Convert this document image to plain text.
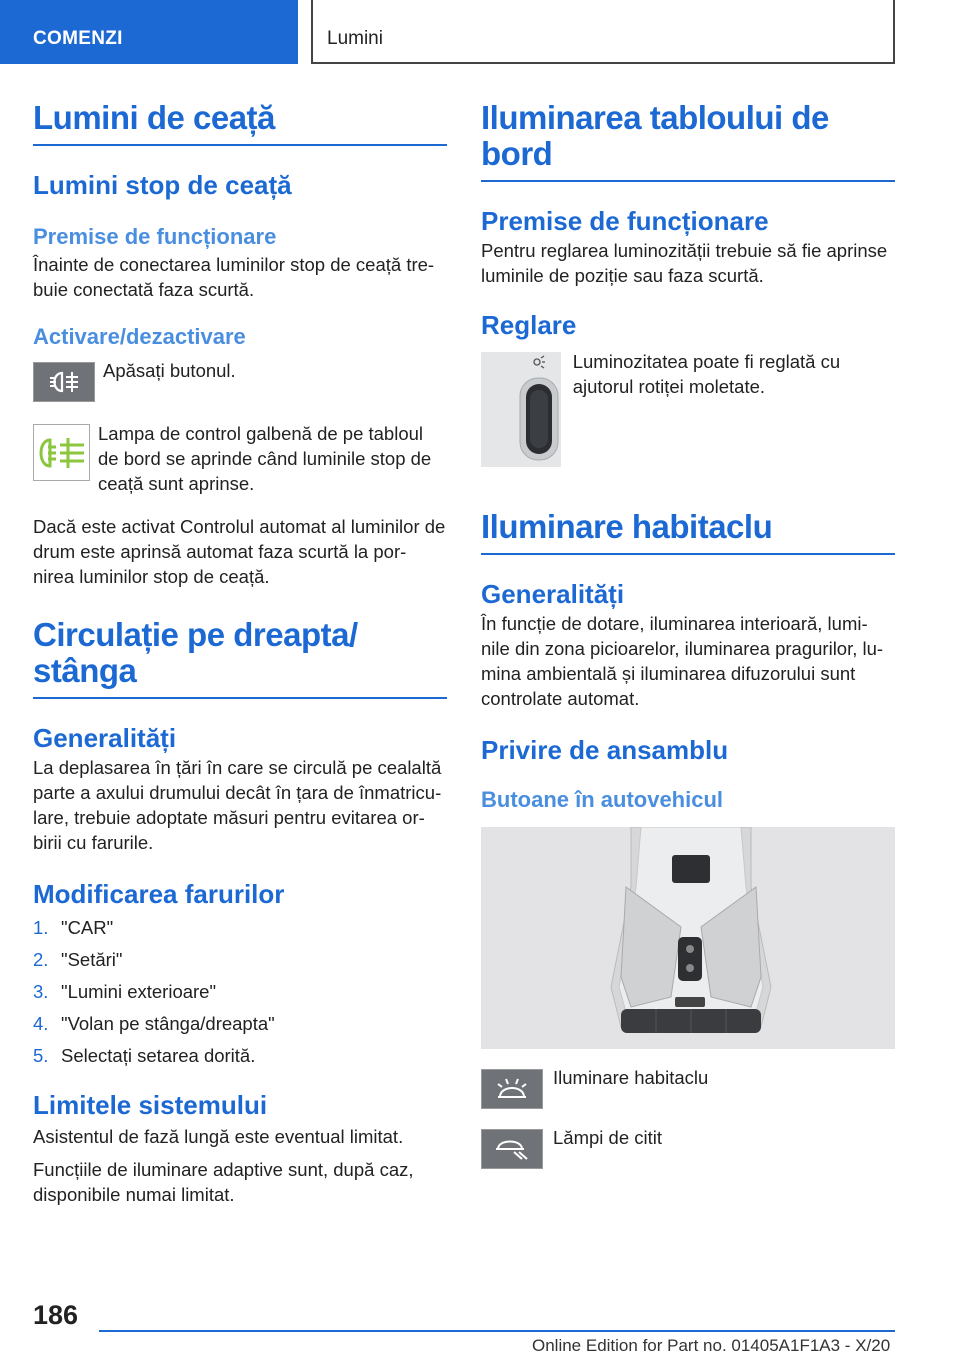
COMENZI	Lumini
Lumini de ceață
Lumini stop de ceață
Premise de funcționare

Înainte de conectarea luminilor stop de ceață tre‐buie conectată faza scurtă.

Activare/dezactivare
Apăsați butonul.
Lampa de control galbenă de pe tabloul de bord se aprinde când luminile stop de ceață sunt aprinse.

Dacă este activat Controlul automat al luminilor de drum este aprinsă automat faza scurtă la por‐nirea luminilor stop de ceață.

Circulație pe dreapta/ stânga
Generalități

La deplasarea în țări în care se circulă pe cealaltă parte a axului drumului decât în țara de înmatricu‐lare, trebuie adoptate măsuri pentru evitarea or‐birii cu farurile.

Modificarea farurilor
1. "CAR"
2. "Setări"
3. "Lumini exterioare"
4. "Volan pe stânga/dreapta"
5. Selectați setarea dorită.
Limitele sistemului

Asistentul de fază lungă este eventual limitat.

Funcțiile de iluminare adaptive sunt, după caz, disponibile numai limitat.

Iluminarea tabloului de bord
Premise de funcționare

Pentru reglarea luminozității trebuie să fie aprinse luminile de poziție sau faza scurtă.

Reglare
Luminozitatea poate fi reglată cu ajutorul rotiței moletate.
Iluminare habitaclu
Generalități

În funcție de dotare, iluminarea interioară, lumi‐nile din zona picioarelor, iluminarea pragurilor, lu‐mina ambientală și iluminarea difuzorului sunt controlate automat.

Privire de ansamblu
Butoane în autovehicul
Iluminare habitaclu
Lămpi de citit
186
Online Edition for Part no. 01405A1F1A3 - X/20
